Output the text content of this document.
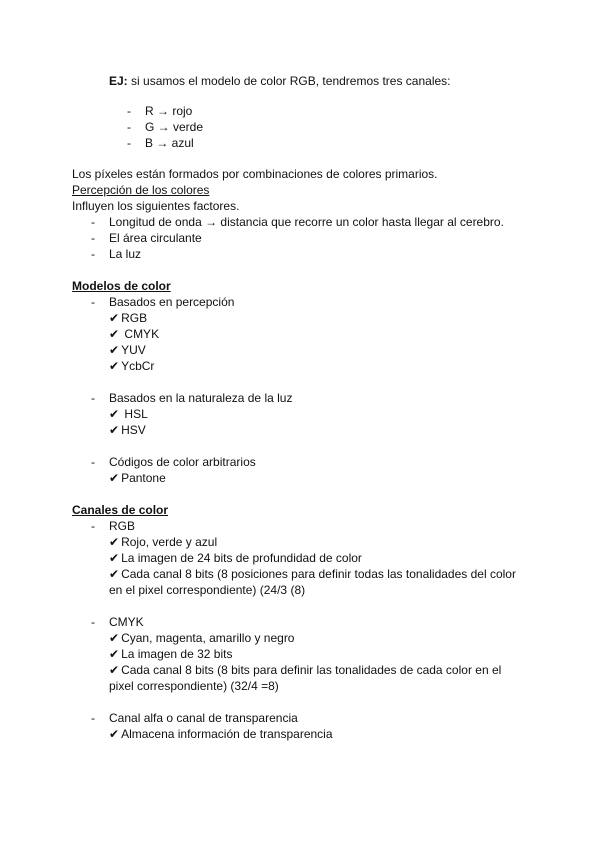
EJ: si usamos el modelo de color RGB, tendremos tres canales:
- R → rojo
- G → verde
- B → azul
Los píxeles están formados por combinaciones de colores primarios.
Percepción de los colores
Influyen los siguientes factores.
- Longitud de onda → distancia que recorre un color hasta llegar al cerebro.
- El área circulante
- La luz
Modelos de color
- Basados en percepción
✔ RGB
✔ CMYK
✔ YUV
✔ YcbCr
- Basados en la naturaleza de la luz
✔ HSL
✔ HSV
- Códigos de color arbitrarios
✔ Pantone
Canales de color
- RGB
✔ Rojo, verde y azul
✔ La imagen de 24 bits de profundidad de color
✔ Cada canal 8 bits (8 posiciones para definir todas las tonalidades del color
en el pixel correspondiente) (24/3 (8)
- CMYK
✔ Cyan, magenta, amarillo y negro
✔ La imagen de 32 bits
✔ Cada canal 8 bits (8 bits para definir las tonalidades de cada color en el
pixel correspondiente) (32/4 =8)
- Canal alfa o canal de transparencia
✔ Almacena información de transparencia
